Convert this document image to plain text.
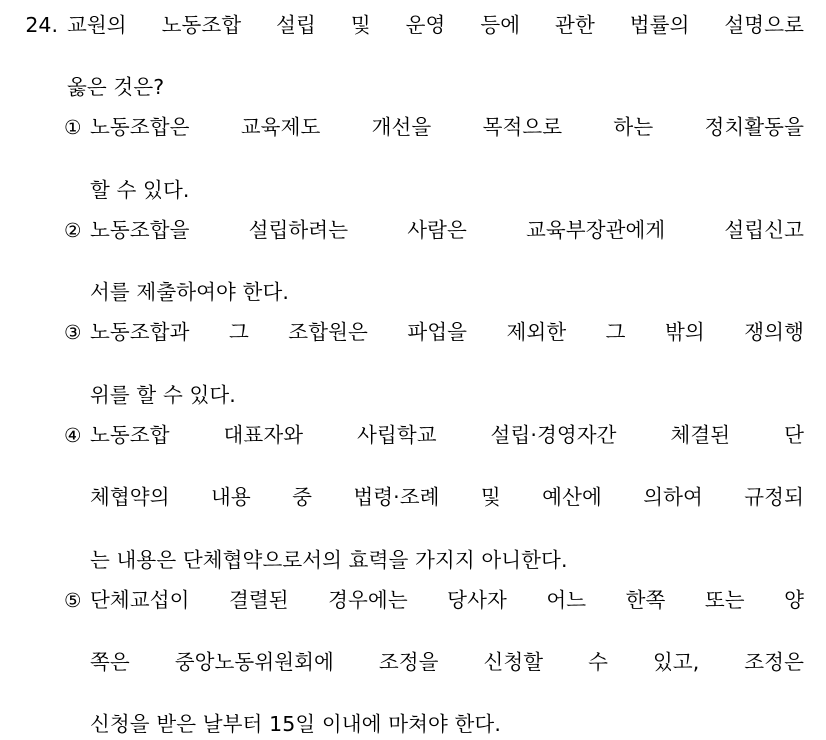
24. 교원의 노동조합 설립 및 운영 등에 관한 법률의 설명으로
옳은 것은?
① 노동조합은 교육제도 개선을 목적으로 하는 정치활동을
할 수 있다.
② 노동조합을 설립하려는 사람은 교육부장관에게 설립신고
서를 제출하여야 한다.
③ 노동조합과 그 조합원은 파업을 제외한 그 밖의 쟁의행
위를 할 수 있다.
④ 노동조합 대표자와 사립학교 설립·경영자간 체결된 단
체협약의 내용 중 법령·조례 및 예산에 의하여 규정되
는 내용은 단체협약으로서의 효력을 가지지 아니한다.
⑤ 단체교섭이 결렬된 경우에는 당사자 어느 한쪽 또는 양
쪽은 중앙노동위원회에 조정을 신청할 수 있고, 조정은
신청을 받은 날부터 15일 이내에 마쳐야 한다.
